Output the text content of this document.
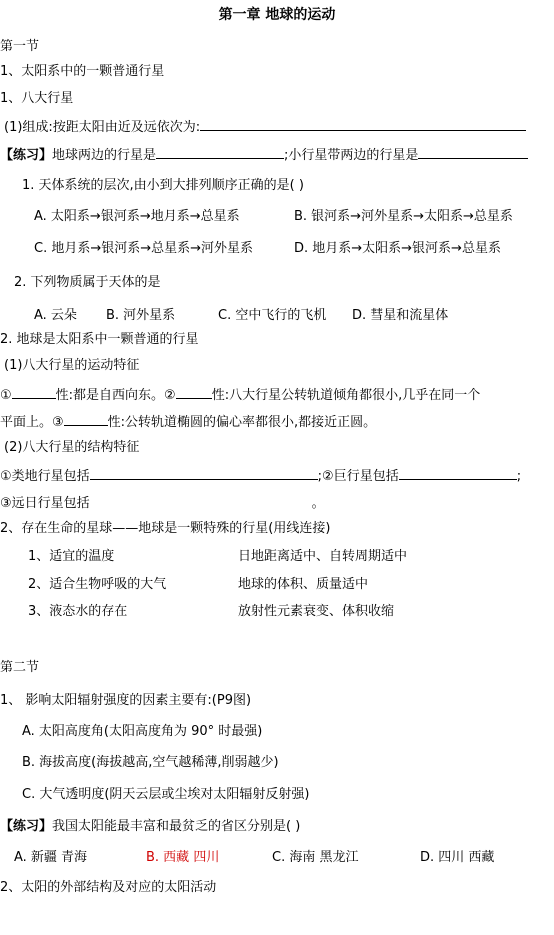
第一章 地球的运动
第一节
1、太阳系中的一颗普通行星
1、八大行星
(1)组成:按距太阳由近及远依次为:
【练习】地球两边的行星是	;小行星带两边的行星是
1. 天体系统的层次,由小到大排列顺序正确的是( )
A. 太阳系→银河系→地月系→总星系	B. 银河系→河外星系→太阳系→总星系
C. 地月系→银河系→总星系→河外星系	D. 地月系→太阳系→银河系→总星系
2. 下列物质属于天体的是
A. 云朵 B. 河外星系	C. 空中飞行的飞机 D. 彗星和流星体
2. 地球是太阳系中一颗普通的行星
(1)八大行星的运动特征
①	性:都是自西向东。②	性:八大行星公转轨道倾角都很小,几乎在同一个
平面上。③	性:公转轨道椭圆的偏心率都很小,都接近正圆。
(2)八大行星的结构特征
①类地行星包括	;②巨行星包括	;
③远日行星包括	。
2、存在生命的星球——地球是一颗特殊的行星(用线连接)
1、适宜的温度	日地距离适中、自转周期适中
2、适合生物呼吸的大气	地球的体积、质量适中
3、液态水的存在	放射性元素衰变、体积收缩
第二节
1、 影响太阳辐射强度的因素主要有:(P9图)
A. 太阳高度角(太阳高度角为 90° 时最强)
B. 海拔高度(海拔越高,空气越稀薄,削弱越少)
C. 大气透明度(阴天云层或尘埃对太阳辐射反射强)
【练习】我国太阳能最丰富和最贫乏的省区分别是( )
A. 新疆 青海	B. 西藏 四川	C. 海南 黑龙江	D. 四川 西藏
2、太阳的外部结构及对应的太阳活动
